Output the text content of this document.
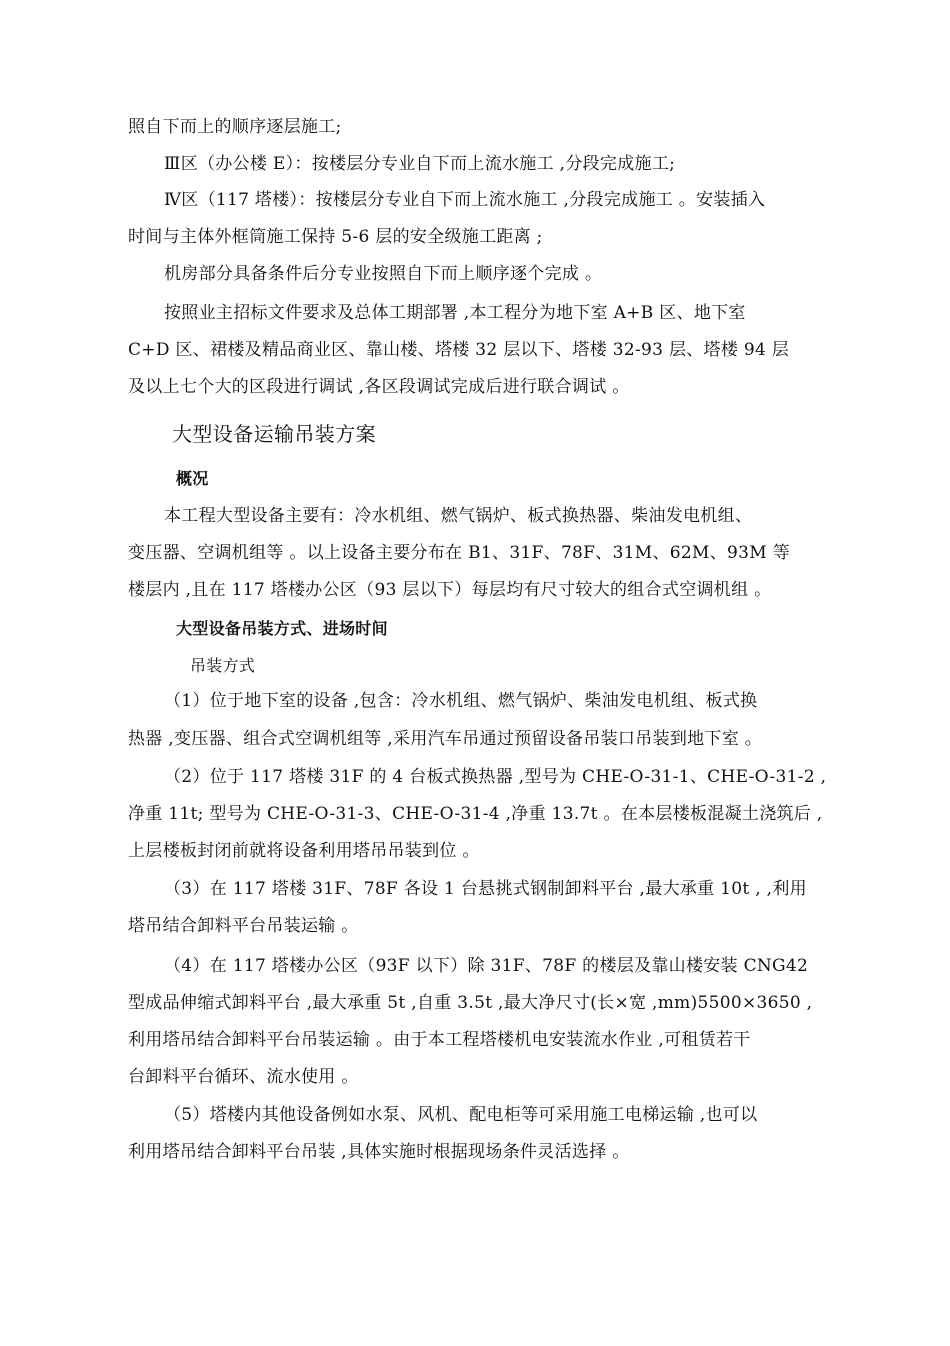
照自下而上的顺序逐层施工;
Ⅲ区（办公楼 E）：按楼层分专业自下而上流水施工 ,分段完成施工;
Ⅳ区（117 塔楼）：按楼层分专业自下而上流水施工 ,分段完成施工 。安装插入
时间与主体外框筒施工保持 5-6 层的安全级施工距离 ;
机房部分具备条件后分专业按照自下而上顺序逐个完成 。
按照业主招标文件要求及总体工期部署 ,本工程分为地下室 A+B 区、地下室
C+D 区、裙楼及精品商业区、靠山楼、塔楼 32 层以下、塔楼 32-93 层、塔楼 94 层
及以上七个大的区段进行调试 ,各区段调试完成后进行联合调试 。
大型设备运输吊装方案
概况
本工程大型设备主要有：冷水机组、燃气锅炉、板式换热器、柴油发电机组、
变压器、空调机组等 。以上设备主要分布在 B1、31F、78F、31M、62M、93M 等
楼层内 ,且在 117 塔楼办公区（93 层以下）每层均有尺寸较大的组合式空调机组 。
大型设备吊装方式、进场时间
吊装方式
（1）位于地下室的设备 ,包含：冷水机组、燃气锅炉、柴油发电机组、板式换
热器 ,变压器、组合式空调机组等 ,采用汽车吊通过预留设备吊装口吊装到地下室 。
（2）位于 117 塔楼 31F 的 4 台板式换热器 ,型号为 CHE-O-31-1、CHE-O-31-2 ,
净重 11t; 型号为 CHE-O-31-3、CHE-O-31-4 ,净重 13.7t 。在本层楼板混凝土浇筑后 ,
上层楼板封闭前就将设备利用塔吊吊装到位 。
（3）在 117 塔楼 31F、78F 各设 1 台悬挑式钢制卸料平台 ,最大承重 10t , ,利用
塔吊结合卸料平台吊装运输 。
（4）在 117 塔楼办公区（93F 以下）除 31F、78F 的楼层及靠山楼安装 CNG42
型成品伸缩式卸料平台 ,最大承重 5t ,自重 3.5t ,最大净尺寸(长×宽 ,mm)5500×3650 ,
利用塔吊结合卸料平台吊装运输 。由于本工程塔楼机电安装流水作业 ,可租赁若干
台卸料平台循环、流水使用 。
（5）塔楼内其他设备例如水泵、风机、配电柜等可采用施工电梯运输 ,也可以
利用塔吊结合卸料平台吊装 ,具体实施时根据现场条件灵活选择 。
